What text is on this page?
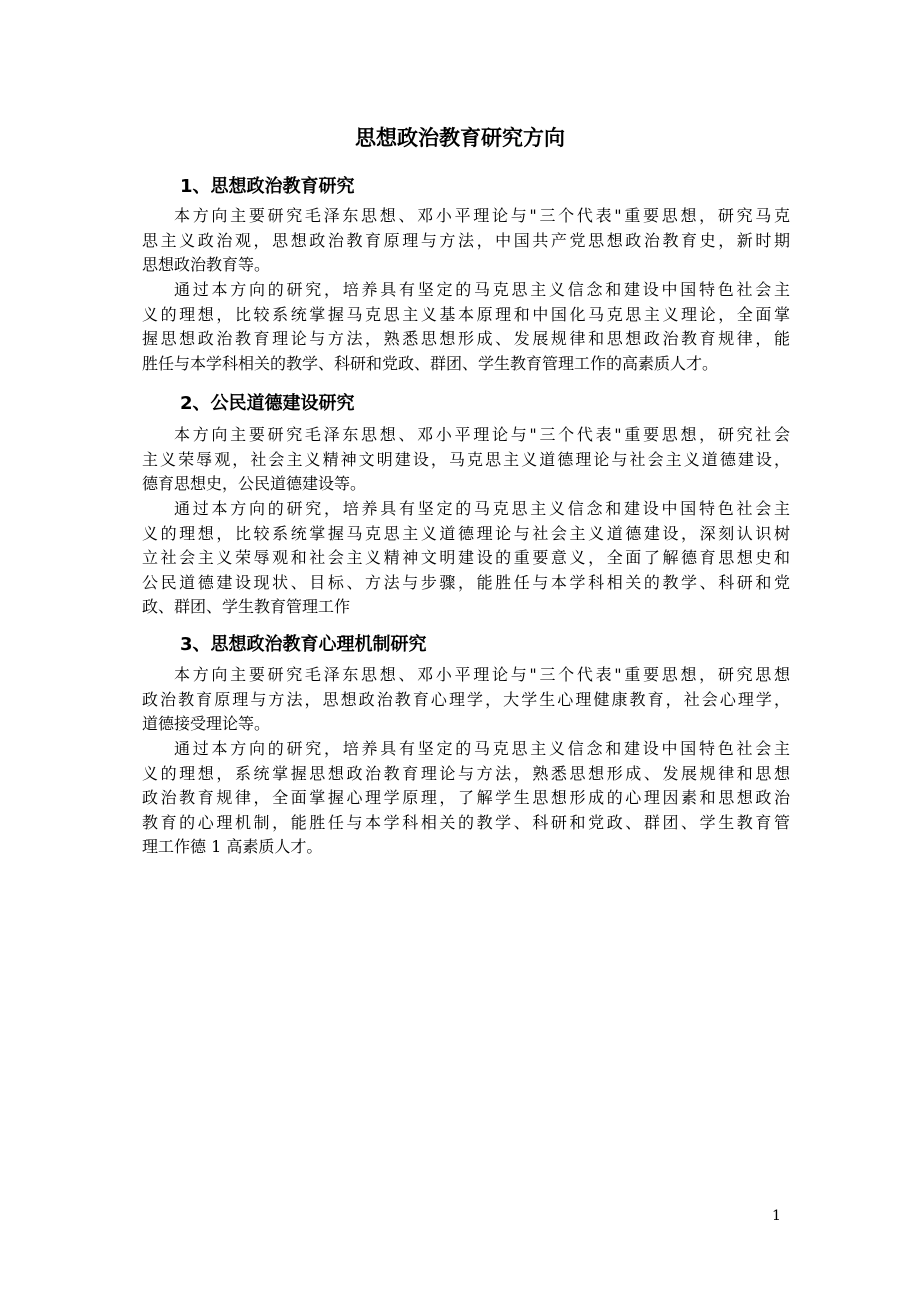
思想政治教育研究方向
1、思想政治教育研究
本方向主要研究毛泽东思想、邓小平理论与"三个代表"重要思想，研究马克
思主义政治观，思想政治教育原理与方法，中国共产党思想政治教育史，新时期
思想政治教育等。
通过本方向的研究，培养具有坚定的马克思主义信念和建设中国特色社会主
义的理想，比较系统掌握马克思主义基本原理和中国化马克思主义理论，全面掌
握思想政治教育理论与方法，熟悉思想形成、发展规律和思想政治教育规律，能
胜任与本学科相关的教学、科研和党政、群团、学生教育管理工作的高素质人才。
2、公民道德建设研究
本方向主要研究毛泽东思想、邓小平理论与"三个代表"重要思想，研究社会
主义荣辱观，社会主义精神文明建设，马克思主义道德理论与社会主义道德建设，
德育思想史，公民道德建设等。
通过本方向的研究，培养具有坚定的马克思主义信念和建设中国特色社会主
义的理想，比较系统掌握马克思主义道德理论与社会主义道德建设，深刻认识树
立社会主义荣辱观和社会主义精神文明建设的重要意义，全面了解德育思想史和
公民道德建设现状、目标、方法与步骤，能胜任与本学科相关的教学、科研和党
政、群团、学生教育管理工作
3、思想政治教育心理机制研究
本方向主要研究毛泽东思想、邓小平理论与"三个代表"重要思想，研究思想
政治教育原理与方法，思想政治教育心理学，大学生心理健康教育，社会心理学，
道德接受理论等。
通过本方向的研究，培养具有坚定的马克思主义信念和建设中国特色社会主
义的理想，系统掌握思想政治教育理论与方法，熟悉思想形成、发展规律和思想
政治教育规律，全面掌握心理学原理，了解学生思想形成的心理因素和思想政治
教育的心理机制，能胜任与本学科相关的教学、科研和党政、群团、学生教育管
理工作德 1 高素质人才。
1
